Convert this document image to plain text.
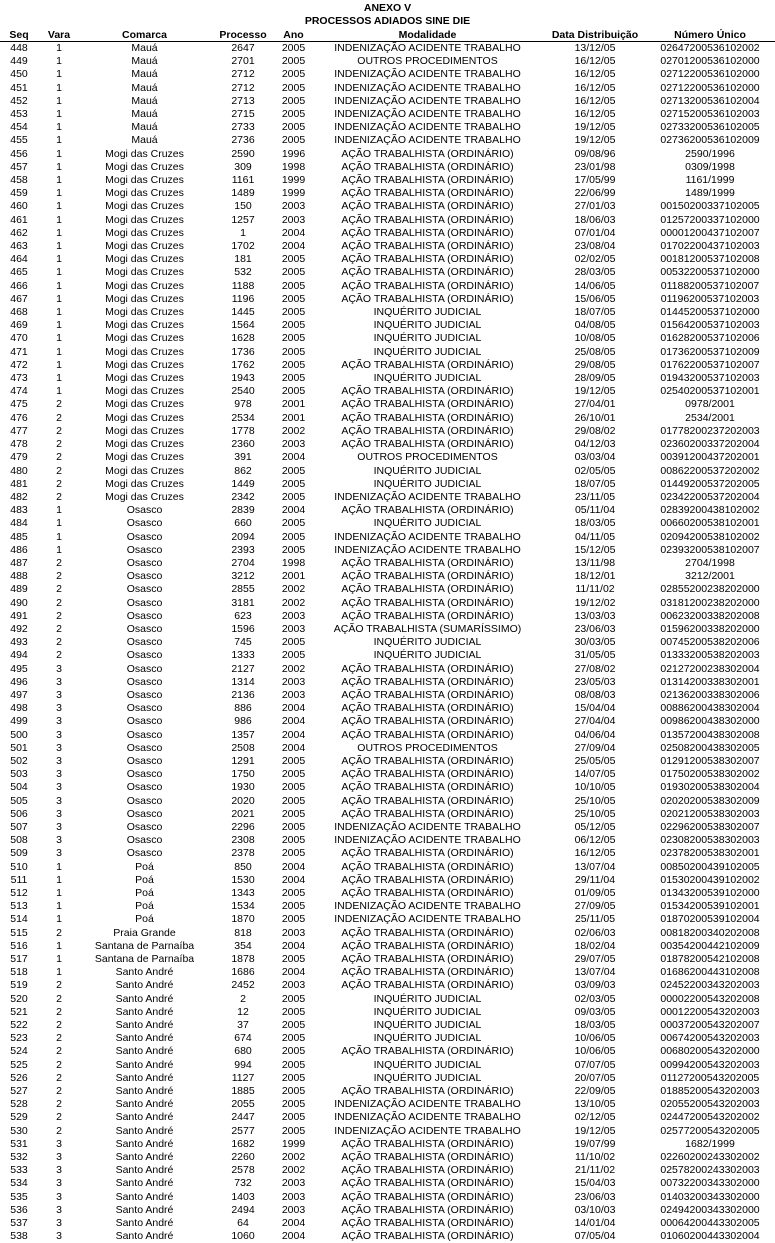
ANEXO V
PROCESSOS ADIADOS SINE DIE
Seq	Vara	Comarca	Processo	Ano	Modalidade	Data Distribuição	Número Único
448	1	Mauá	2647	2005	INDENIZAÇÃO ACIDENTE TRABALHO	13/12/05	02647200536102002
449	1	Mauá	2701	2005	OUTROS PROCEDIMENTOS	16/12/05	02701200536102000
450	1	Mauá	2712	2005	INDENIZAÇÃO ACIDENTE TRABALHO	16/12/05	02712200536102000
451	1	Mauá	2712	2005	INDENIZAÇÃO ACIDENTE TRABALHO	16/12/05	02712200536102000
452	1	Mauá	2713	2005	INDENIZAÇÃO ACIDENTE TRABALHO	16/12/05	02713200536102004
453	1	Mauá	2715	2005	INDENIZAÇÃO ACIDENTE TRABALHO	16/12/05	02715200536102003
454	1	Mauá	2733	2005	INDENIZAÇÃO ACIDENTE TRABALHO	19/12/05	02733200536102005
455	1	Mauá	2736	2005	INDENIZAÇÃO ACIDENTE TRABALHO	19/12/05	02736200536102009
456	1	Mogi das Cruzes	2590	1996	AÇÃO TRABALHISTA (ORDINÁRIO)	09/08/96	2590/1996
457	1	Mogi das Cruzes	309	1998	AÇÃO TRABALHISTA (ORDINÁRIO)	23/01/98	0309/1998
458	1	Mogi das Cruzes	1161	1999	AÇÃO TRABALHISTA (ORDINÁRIO)	17/05/99	1161/1999
459	1	Mogi das Cruzes	1489	1999	AÇÃO TRABALHISTA (ORDINÁRIO)	22/06/99	1489/1999
460	1	Mogi das Cruzes	150	2003	AÇÃO TRABALHISTA (ORDINÁRIO)	27/01/03	00150200337102005
461	1	Mogi das Cruzes	1257	2003	AÇÃO TRABALHISTA (ORDINÁRIO)	18/06/03	01257200337102000
462	1	Mogi das Cruzes	1	2004	AÇÃO TRABALHISTA (ORDINÁRIO)	07/01/04	00001200437102007
463	1	Mogi das Cruzes	1702	2004	AÇÃO TRABALHISTA (ORDINÁRIO)	23/08/04	01702200437102003
464	1	Mogi das Cruzes	181	2005	AÇÃO TRABALHISTA (ORDINÁRIO)	02/02/05	00181200537102008
465	1	Mogi das Cruzes	532	2005	AÇÃO TRABALHISTA (ORDINÁRIO)	28/03/05	00532200537102000
466	1	Mogi das Cruzes	1188	2005	AÇÃO TRABALHISTA (ORDINÁRIO)	14/06/05	01188200537102007
467	1	Mogi das Cruzes	1196	2005	AÇÃO TRABALHISTA (ORDINÁRIO)	15/06/05	01196200537102003
468	1	Mogi das Cruzes	1445	2005	INQUÉRITO JUDICIAL	18/07/05	01445200537102000
469	1	Mogi das Cruzes	1564	2005	INQUÉRITO JUDICIAL	04/08/05	01564200537102003
470	1	Mogi das Cruzes	1628	2005	INQUÉRITO JUDICIAL	10/08/05	01628200537102006
471	1	Mogi das Cruzes	1736	2005	INQUÉRITO JUDICIAL	25/08/05	01736200537102009
472	1	Mogi das Cruzes	1762	2005	AÇÃO TRABALHISTA (ORDINÁRIO)	29/08/05	01762200537102007
473	1	Mogi das Cruzes	1943	2005	INQUÉRITO JUDICIAL	28/09/05	01943200537102003
474	1	Mogi das Cruzes	2540	2005	AÇÃO TRABALHISTA (ORDINÁRIO)	19/12/05	02540200537102001
475	2	Mogi das Cruzes	978	2001	AÇÃO TRABALHISTA (ORDINÁRIO)	27/04/01	0978/2001
476	2	Mogi das Cruzes	2534	2001	AÇÃO TRABALHISTA (ORDINÁRIO)	26/10/01	2534/2001
477	2	Mogi das Cruzes	1778	2002	AÇÃO TRABALHISTA (ORDINÁRIO)	29/08/02	01778200237202003
478	2	Mogi das Cruzes	2360	2003	AÇÃO TRABALHISTA (ORDINÁRIO)	04/12/03	02360200337202004
479	2	Mogi das Cruzes	391	2004	OUTROS PROCEDIMENTOS	03/03/04	00391200437202001
480	2	Mogi das Cruzes	862	2005	INQUÉRITO JUDICIAL	02/05/05	00862200537202002
481	2	Mogi das Cruzes	1449	2005	INQUÉRITO JUDICIAL	18/07/05	01449200537202005
482	2	Mogi das Cruzes	2342	2005	INDENIZAÇÃO ACIDENTE TRABALHO	23/11/05	02342200537202004
483	1	Osasco	2839	2004	AÇÃO TRABALHISTA (ORDINÁRIO)	05/11/04	02839200438102002
484	1	Osasco	660	2005	INQUÉRITO JUDICIAL	18/03/05	00660200538102001
485	1	Osasco	2094	2005	INDENIZAÇÃO ACIDENTE TRABALHO	04/11/05	02094200538102002
486	1	Osasco	2393	2005	INDENIZAÇÃO ACIDENTE TRABALHO	15/12/05	02393200538102007
487	2	Osasco	2704	1998	AÇÃO TRABALHISTA (ORDINÁRIO)	13/11/98	2704/1998
488	2	Osasco	3212	2001	AÇÃO TRABALHISTA (ORDINÁRIO)	18/12/01	3212/2001
489	2	Osasco	2855	2002	AÇÃO TRABALHISTA (ORDINÁRIO)	11/11/02	02855200238202000
490	2	Osasco	3181	2002	AÇÃO TRABALHISTA (ORDINÁRIO)	19/12/02	03181200238202000
491	2	Osasco	623	2003	AÇÃO TRABALHISTA (ORDINÁRIO)	13/03/03	00623200338202008
492	2	Osasco	1596	2003	AÇÃO TRABALHISTA (SUMARÍSSIMO)	23/06/03	01596200338202000
493	2	Osasco	745	2005	INQUÉRITO JUDICIAL	30/03/05	00745200538202006
494	2	Osasco	1333	2005	INQUÉRITO JUDICIAL	31/05/05	01333200538202003
495	3	Osasco	2127	2002	AÇÃO TRABALHISTA (ORDINÁRIO)	27/08/02	02127200238302004
496	3	Osasco	1314	2003	AÇÃO TRABALHISTA (ORDINÁRIO)	23/05/03	01314200338302001
497	3	Osasco	2136	2003	AÇÃO TRABALHISTA (ORDINÁRIO)	08/08/03	02136200338302006
498	3	Osasco	886	2004	AÇÃO TRABALHISTA (ORDINÁRIO)	15/04/04	00886200438302004
499	3	Osasco	986	2004	AÇÃO TRABALHISTA (ORDINÁRIO)	27/04/04	00986200438302000
500	3	Osasco	1357	2004	AÇÃO TRABALHISTA (ORDINÁRIO)	04/06/04	01357200438302008
501	3	Osasco	2508	2004	OUTROS PROCEDIMENTOS	27/09/04	02508200438302005
502	3	Osasco	1291	2005	AÇÃO TRABALHISTA (ORDINÁRIO)	25/05/05	01291200538302007
503	3	Osasco	1750	2005	AÇÃO TRABALHISTA (ORDINÁRIO)	14/07/05	01750200538302002
504	3	Osasco	1930	2005	AÇÃO TRABALHISTA (ORDINÁRIO)	10/10/05	01930200538302004
505	3	Osasco	2020	2005	AÇÃO TRABALHISTA (ORDINÁRIO)	25/10/05	02020200538302009
506	3	Osasco	2021	2005	AÇÃO TRABALHISTA (ORDINÁRIO)	25/10/05	02021200538302003
507	3	Osasco	2296	2005	INDENIZAÇÃO ACIDENTE TRABALHO	05/12/05	02296200538302007
508	3	Osasco	2308	2005	INDENIZAÇÃO ACIDENTE TRABALHO	06/12/05	02308200538302003
509	3	Osasco	2378	2005	AÇÃO TRABALHISTA (ORDINÁRIO)	16/12/05	02378200538302001
510	1	Poá	850	2004	AÇÃO TRABALHISTA (ORDINÁRIO)	13/07/04	00850200439102005
511	1	Poá	1530	2004	AÇÃO TRABALHISTA (ORDINÁRIO)	29/11/04	01530200439102002
512	1	Poá	1343	2005	AÇÃO TRABALHISTA (ORDINÁRIO)	01/09/05	01343200539102000
513	1	Poá	1534	2005	INDENIZAÇÃO ACIDENTE TRABALHO	27/09/05	01534200539102001
514	1	Poá	1870	2005	INDENIZAÇÃO ACIDENTE TRABALHO	25/11/05	01870200539102004
515	2	Praia Grande	818	2003	AÇÃO TRABALHISTA (ORDINÁRIO)	02/06/03	00818200340202008
516	1	Santana de Parnaíba	354	2004	AÇÃO TRABALHISTA (ORDINÁRIO)	18/02/04	00354200442102009
517	1	Santana de Parnaíba	1878	2005	AÇÃO TRABALHISTA (ORDINÁRIO)	29/07/05	01878200542102008
518	1	Santo André	1686	2004	AÇÃO TRABALHISTA (ORDINÁRIO)	13/07/04	01686200443102008
519	2	Santo André	2452	2003	AÇÃO TRABALHISTA (ORDINÁRIO)	03/09/03	02452200343202003
520	2	Santo André	2	2005	INQUÉRITO JUDICIAL	02/03/05	00002200543202008
521	2	Santo André	12	2005	INQUÉRITO JUDICIAL	09/03/05	00012200543202003
522	2	Santo André	37	2005	INQUÉRITO JUDICIAL	18/03/05	00037200543202007
523	2	Santo André	674	2005	INQUÉRITO JUDICIAL	10/06/05	00674200543202003
524	2	Santo André	680	2005	AÇÃO TRABALHISTA (ORDINÁRIO)	10/06/05	00680200543202000
525	2	Santo André	994	2005	INQUÉRITO JUDICIAL	07/07/05	00994200543202003
526	2	Santo André	1127	2005	INQUÉRITO JUDICIAL	20/07/05	01127200543202005
527	2	Santo André	1885	2005	AÇÃO TRABALHISTA (ORDINÁRIO)	22/09/05	01885200543202003
528	2	Santo André	2055	2005	INDENIZAÇÃO ACIDENTE TRABALHO	13/10/05	02055200543202003
529	2	Santo André	2447	2005	INDENIZAÇÃO ACIDENTE TRABALHO	02/12/05	02447200543202002
530	2	Santo André	2577	2005	INDENIZAÇÃO ACIDENTE TRABALHO	19/12/05	02577200543202005
531	3	Santo André	1682	1999	AÇÃO TRABALHISTA (ORDINÁRIO)	19/07/99	1682/1999
532	3	Santo André	2260	2002	AÇÃO TRABALHISTA (ORDINÁRIO)	11/10/02	02260200243302002
533	3	Santo André	2578	2002	AÇÃO TRABALHISTA (ORDINÁRIO)	21/11/02	02578200243302003
534	3	Santo André	732	2003	AÇÃO TRABALHISTA (ORDINÁRIO)	15/04/03	00732200343302000
535	3	Santo André	1403	2003	AÇÃO TRABALHISTA (ORDINÁRIO)	23/06/03	01403200343302000
536	3	Santo André	2494	2003	AÇÃO TRABALHISTA (ORDINÁRIO)	03/10/03	02494200343302000
537	3	Santo André	64	2004	AÇÃO TRABALHISTA (ORDINÁRIO)	14/01/04	00064200443302005
538	3	Santo André	1060	2004	AÇÃO TRABALHISTA (ORDINÁRIO)	07/05/04	01060200443302004
